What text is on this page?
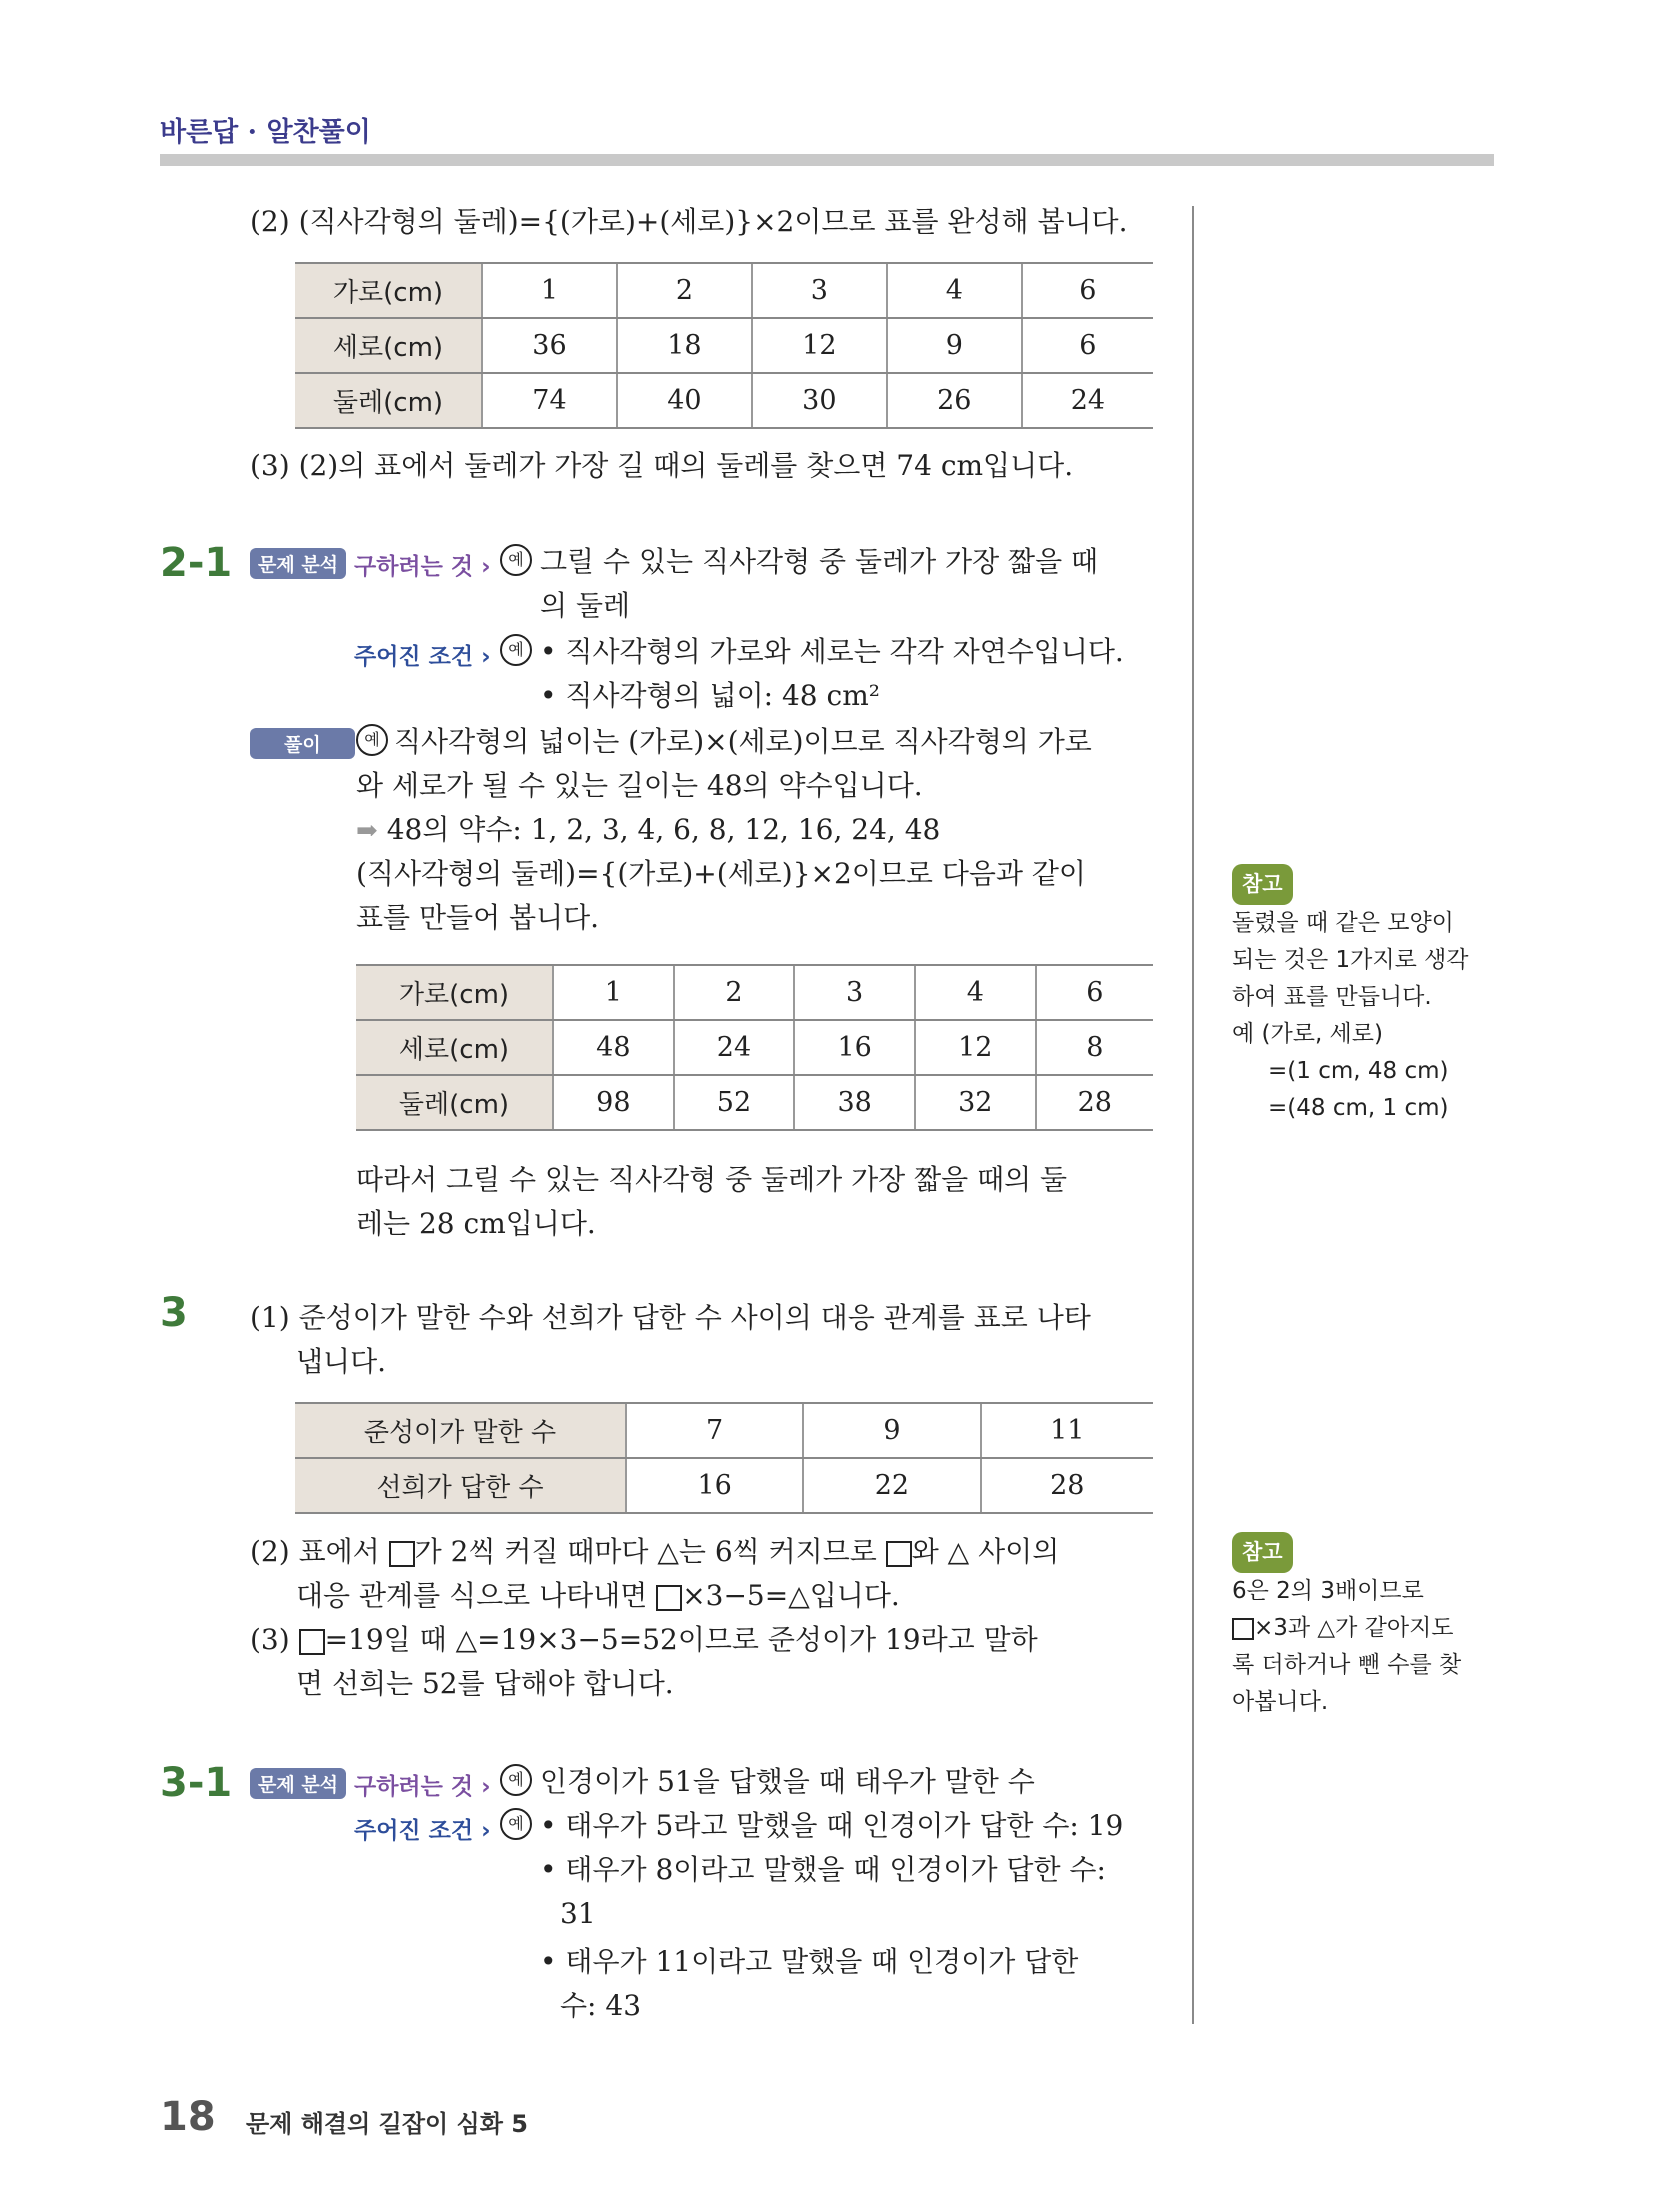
바른답 · 알찬풀이
(2) (직사각형의 둘레)={(가로)+(세로)}×2이므로 표를 완성해 봅니다.
가로(cm)	1	2	3	4	6
세로(cm)	36	18	12	9	6
둘레(cm)	74	40	30	26	24
(3) (2)의 표에서 둘레가 가장 길 때의 둘레를 찾으면 74 cm입니다.
2-1	문제 분석 구하려는 것 ›	예 그릴 수 있는 직사각형 중 둘레가 가장 짧을 때
의 둘레
주어진 조건 ›	예 • 직사각형의 가로와 세로는 각각 자연수입니다.
• 직사각형의 넓이: 48 cm²
풀이	예 직사각형의 넓이는 (가로)×(세로)이므로 직사각형의 가로
와 세로가 될 수 있는 길이는 48의 약수입니다.
➡ 48의 약수: 1, 2, 3, 4, 6, 8, 12, 16, 24, 48
(직사각형의 둘레)={(가로)+(세로)}×2이므로 다음과 같이
표를 만들어 봅니다.
가로(cm)	1	2	3	4	6
세로(cm)	48	24	16	12	8
둘레(cm)	98	52	38	32	28
따라서 그릴 수 있는 직사각형 중 둘레가 가장 짧을 때의 둘
레는 28 cm입니다.
참고
돌렸을 때 같은 모양이
되는 것은 1가지로 생각
하여 표를 만듭니다.
예 (가로, 세로)
=(1 cm, 48 cm)
=(48 cm, 1 cm)
3 (1) 준성이가 말한 수와 선희가 답한 수 사이의 대응 관계를 표로 나타
냅니다.
준성이가 말한 수	7	9	11
선희가 답한 수	16	22	28
(2) 표에서 가 2씩 커질 때마다 △는 6씩 커지므로 와 △ 사이의
대응 관계를 식으로 나타내면 ×3−5=△입니다.
(3) =19일 때 △=19×3−5=52이므로 준성이가 19라고 말하
면 선희는 52를 답해야 합니다.
참고
6은 2의 3배이므로
×3과 △가 같아지도
록 더하거나 뺀 수를 찾
아봅니다.
3-1	문제 분석 구하려는 것 ›	예 인경이가 51을 답했을 때 태우가 말한 수
주어진 조건 ›	예 • 태우가 5라고 말했을 때 인경이가 답한 수: 19
• 태우가 8이라고 말했을 때 인경이가 답한 수:
31
• 태우가 11이라고 말했을 때 인경이가 답한
수: 43
18 문제 해결의 길잡이 심화 5
